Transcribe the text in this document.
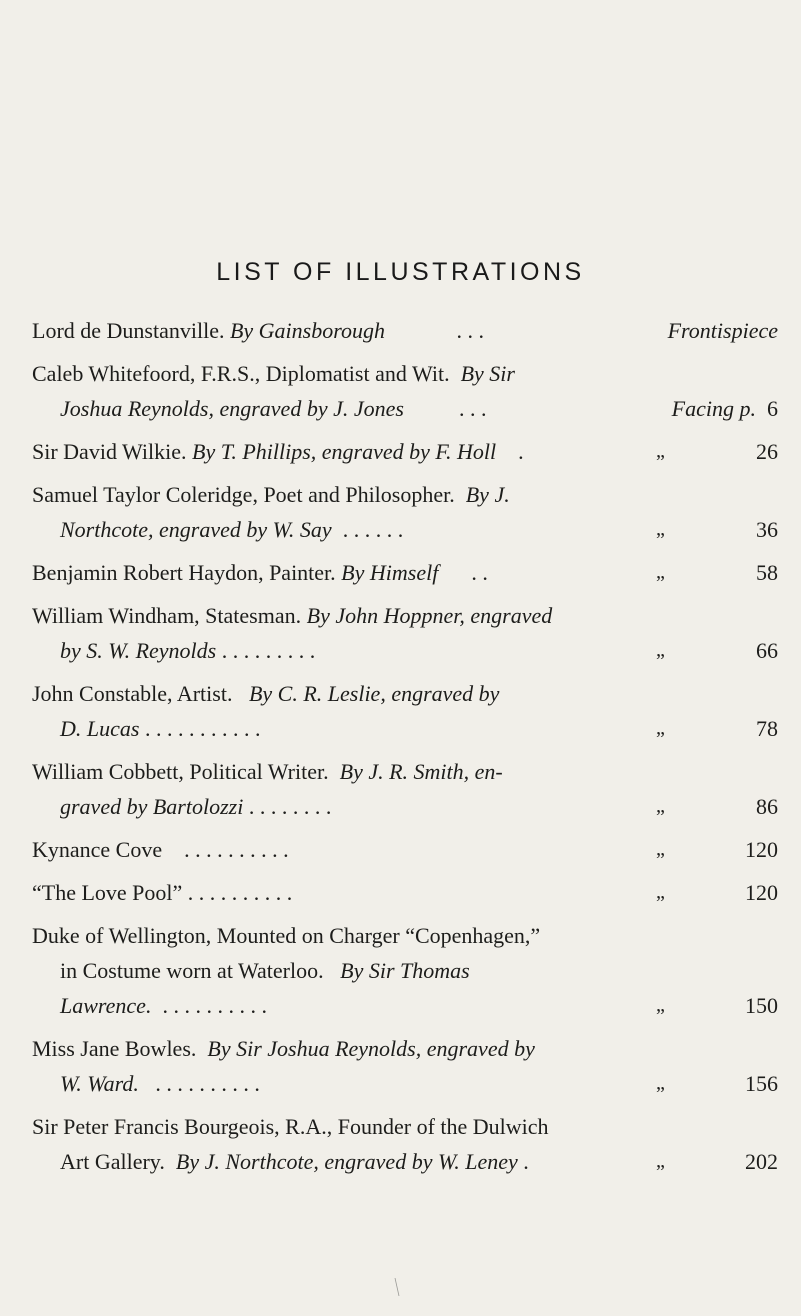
LIST OF ILLUSTRATIONS
Lord de Dunstanville. By Gainsborough	. . .	Frontispiece
Caleb Whitefoord, F.R.S., Diplomatist and Wit. By Sir
Joshua Reynolds, engraved by J. Jones	. . .	Facing p. 6
Sir David Wilkie. By T. Phillips, engraved by F. Holl .	„	26
Samuel Taylor Coleridge, Poet and Philosopher. By J.
Northcote, engraved by W. Say . . . . . .	„	36
Benjamin Robert Haydon, Painter. By Himself . .	„	58
William Windham, Statesman. By John Hoppner, engraved
by S. W. Reynolds . . . . . . . . .	„	66
John Constable, Artist. By C. R. Leslie, engraved by
D. Lucas . . . . . . . . . . .	„	78
William Cobbett, Political Writer. By J. R. Smith, en-
graved by Bartolozzi . . . . . . . .	„	86
Kynance Cove . . . . . . . . . .	„	120
“The Love Pool” . . . . . . . . . .	„	120
Duke of Wellington, Mounted on Charger “Copenhagen,”
in Costume worn at Waterloo. By Sir Thomas
Lawrence. . . . . . . . . . .	„	150
Miss Jane Bowles. By Sir Joshua Reynolds, engraved by
W. Ward. . . . . . . . . . .	„	156
Sir Peter Francis Bourgeois, R.A., Founder of the Dulwich
Art Gallery. By J. Northcote, engraved by W. Leney .	„	202
